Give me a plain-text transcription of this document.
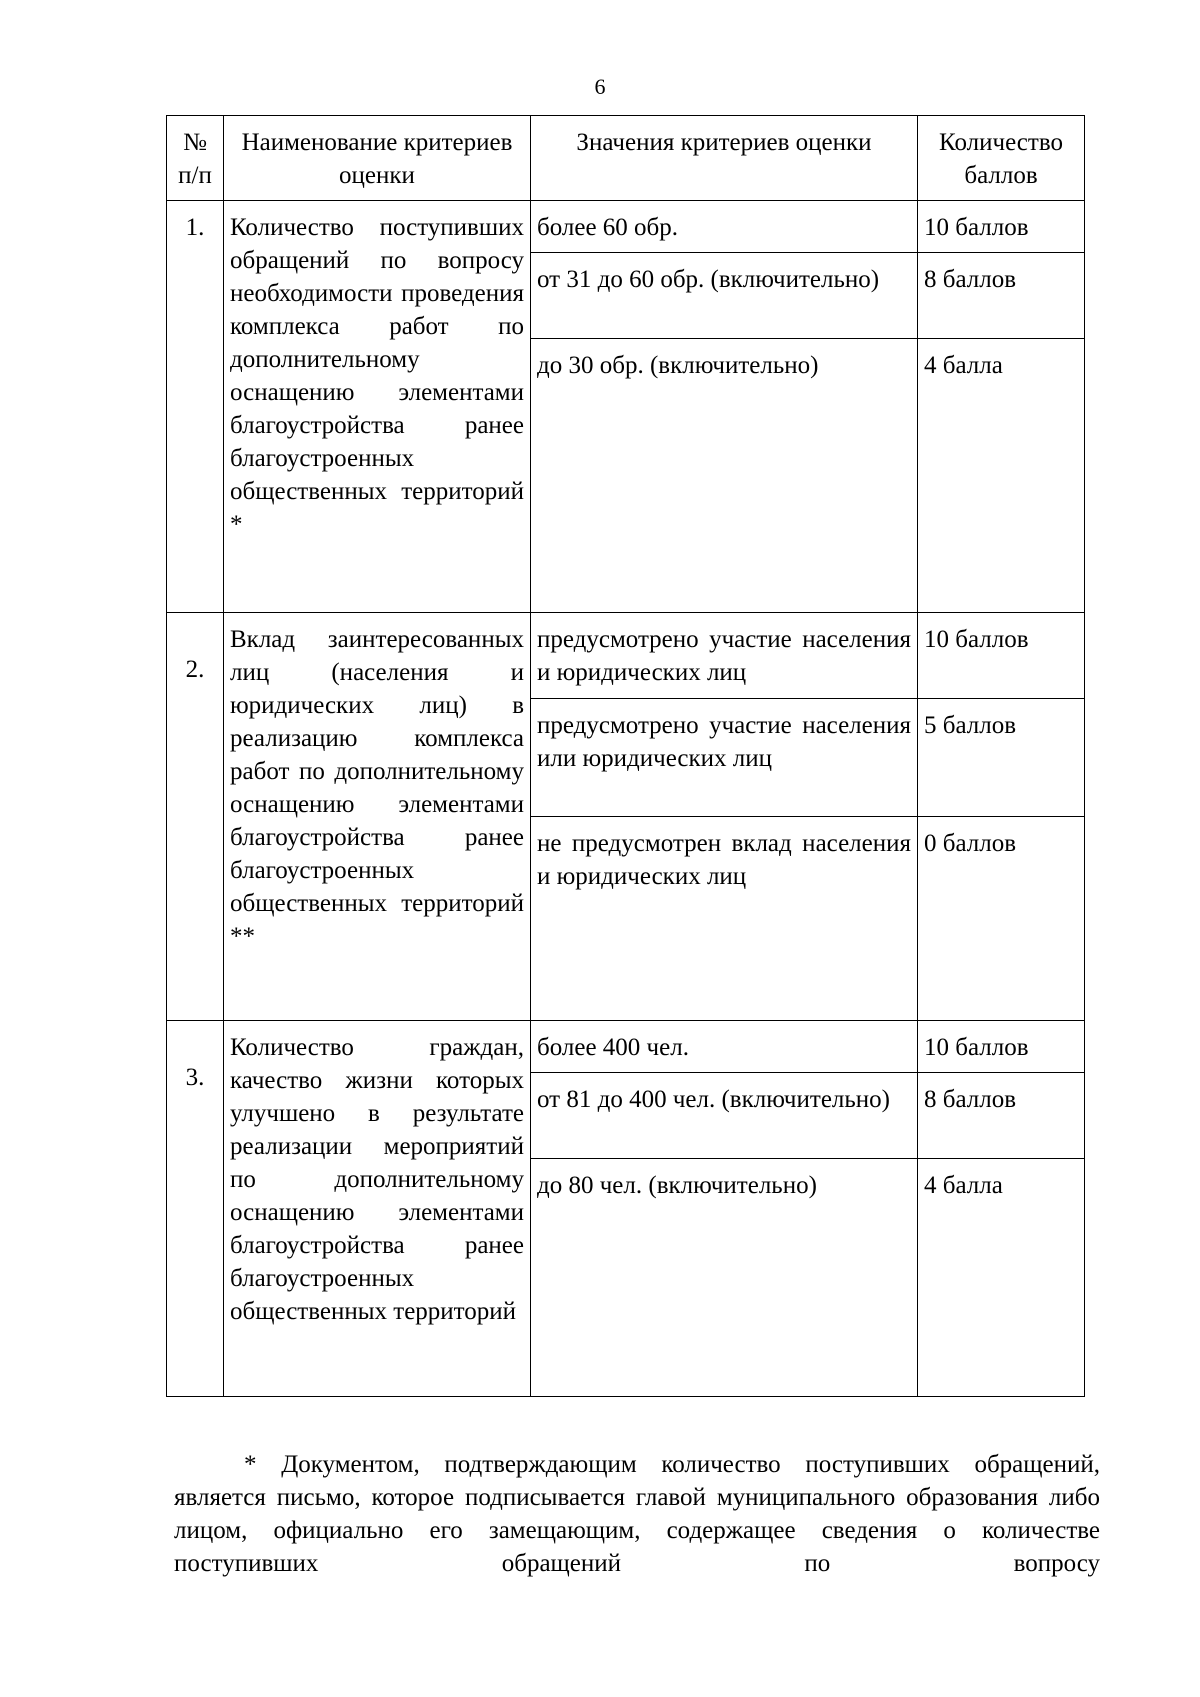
6
№ п/п	Наименование критериев оценки	Значения критериев оценки	Количество баллов
1.	Количество поступивших обращений по вопросу необходимости проведения комплекса работ по дополнительному оснащению элементами благоустройства ранее благоустроенных общественных территорий *	более 60 обр.	10 баллов
		от 31 до 60 обр. (включительно)	8 баллов
		до 30 обр. (включительно)	4 балла
2.	Вклад заинтересованных лиц (населения и юридических лиц) в реализацию комплекса работ по дополнительному оснащению элементами благоустройства ранее благоустроенных общественных территорий **	предусмотрено участие населения и юридических лиц	10 баллов
		предусмотрено участие населения или юридических лиц	5 баллов
		не предусмотрен вклад населения и юридических лиц	0 баллов
3.	Количество граждан, качество жизни которых улучшено в результате реализации мероприятий по дополнительному оснащению элементами благоустройства ранее благоустроенных общественных территорий	более 400 чел.	10 баллов
		от 81 до 400 чел. (включительно)	8 баллов
		до 80 чел. (включительно)	4 балла
* Документом, подтверждающим количество поступивших обращений, является письмо, которое подписывается главой муниципального образования либо лицом, официально его замещающим, содержащее сведения о количестве поступивших обращений по вопросу
